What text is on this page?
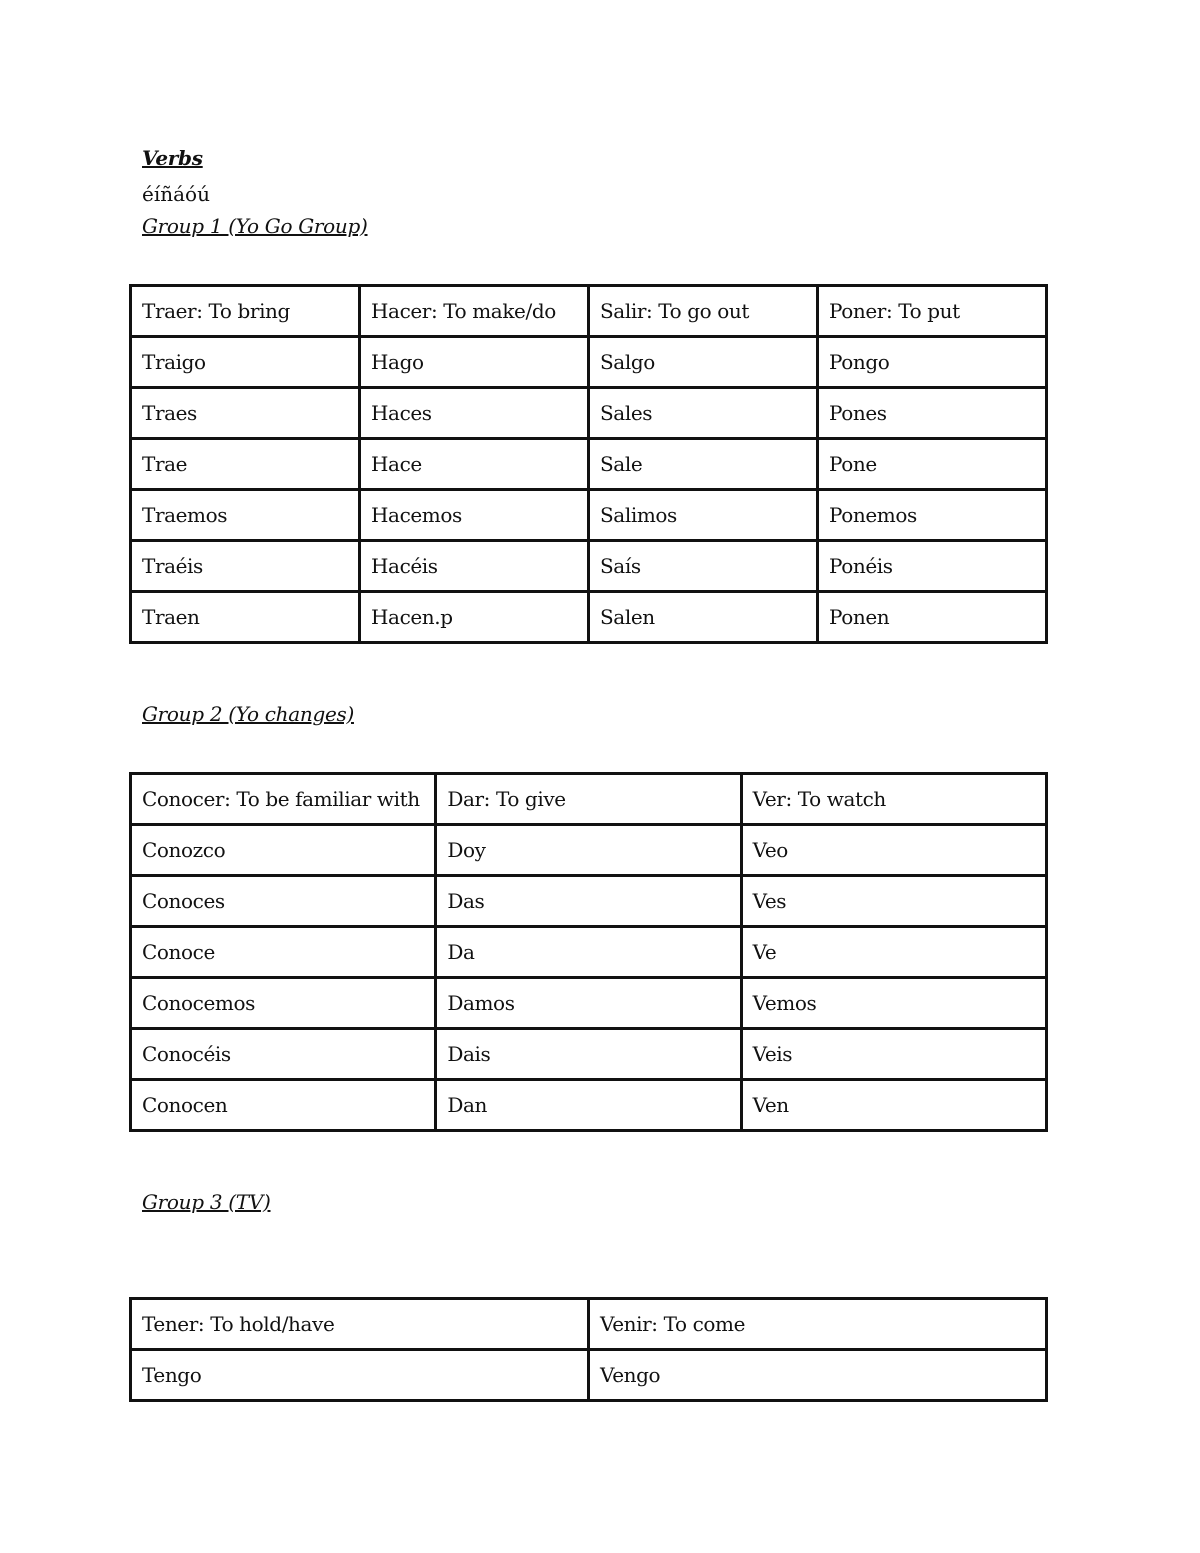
Verbs

éíñáóú

Group 1 (Yo Go Group)

Traer: To bring	Hacer: To make/do	Salir: To go out	Poner: To put
Traigo	Hago	Salgo	Pongo
Traes	Haces	Sales	Pones
Trae	Hace	Sale	Pone
Traemos	Hacemos	Salimos	Ponemos
Traéis	Hacéis	Saís	Ponéis
Traen	Hacen.p	Salen	Ponen

Group 2 (Yo changes)

Conocer: To be familiar with	Dar: To give	Ver: To watch
Conozco	Doy	Veo
Conoces	Das	Ves
Conoce	Da	Ve
Conocemos	Damos	Vemos
Conocéis	Dais	Veis
Conocen	Dan	Ven

Group 3 (TV)

Tener: To hold/have	Venir: To come
Tengo	Vengo
